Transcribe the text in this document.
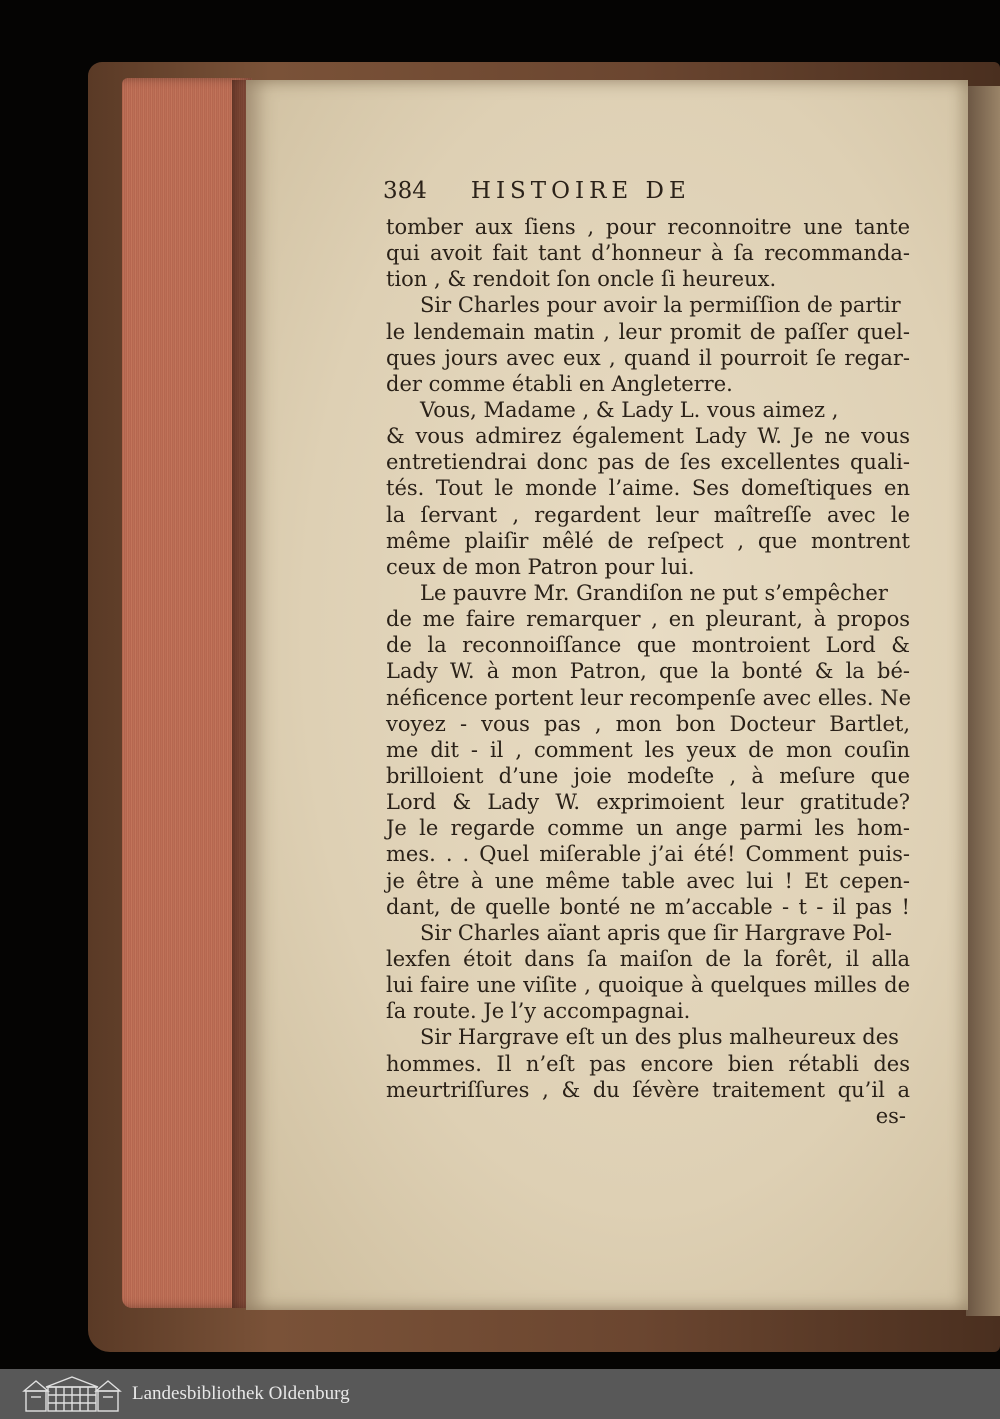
384 HISTOIRE DE
tomber aux ſiens , pour reconnoitre une tante
qui avoit fait tant d’honneur à ſa recommanda-
tion , & rendoit ſon oncle ſi heureux.
Sir Charles pour avoir la permiſſion de partir
le lendemain matin , leur promit de paſſer quel-
ques jours avec eux , quand il pourroit ſe regar-
der comme établi en Angleterre.
Vous, Madame , & Lady L. vous aimez ,
& vous admirez également Lady W. Je ne vous
entretiendrai donc pas de ſes excellentes quali-
tés. Tout le monde l’aime. Ses domeſtiques en
la ſervant , regardent leur maîtreſſe avec le
même plaiſir mêlé de reſpect , que montrent
ceux de mon Patron pour lui.
Le pauvre Mr. Grandiſon ne put s’empêcher
de me faire remarquer , en pleurant, à propos
de la reconnoiſſance que montroient Lord &
Lady W. à mon Patron, que la bonté & la bé-
néficence portent leur recompenſe avec elles. Ne
voyez - vous pas , mon bon Docteur Bartlet,
me dit - il , comment les yeux de mon couſin
brilloient d’une joie modeſte , à meſure que
Lord & Lady W. exprimoient leur gratitude?
Je le regarde comme un ange parmi les hom-
mes. . . Quel miſerable j’ai été! Comment puis-
je être à une même table avec lui ! Et cepen-
dant, de quelle bonté ne m’accable - t - il pas !
Sir Charles aïant apris que ſir Hargrave Pol-
lexfen étoit dans ſa maiſon de la forêt, il alla
lui faire une viſite , quoique à quelques milles de
ſa route. Je l’y accompagnai.
Sir Hargrave eſt un des plus malheureux des
hommes. Il n’eſt pas encore bien rétabli des
meurtriſſures , & du ſévère traitement qu’il a
es-
Landesbibliothek Oldenburg
